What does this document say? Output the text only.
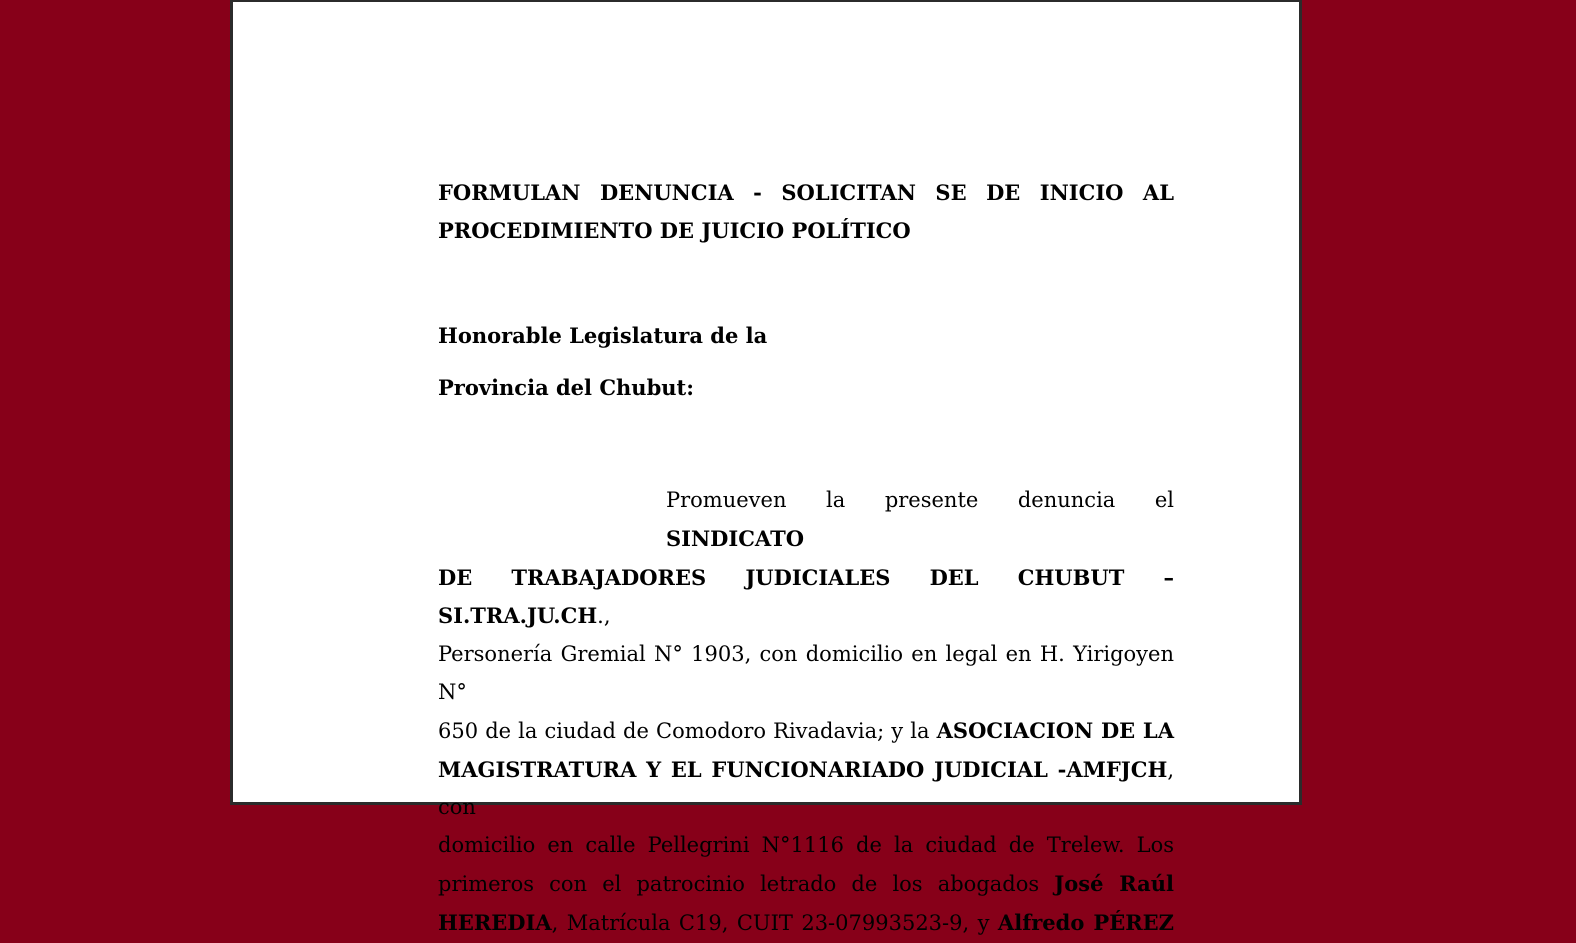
FORMULAN DENUNCIA - SOLICITAN SE DE INICIO AL
PROCEDIMIENTO DE JUICIO POLÍTICO

Honorable Legislatura de la

Provincia del Chubut:

Promueven la presente denuncia el SINDICATO
DE TRABAJADORES JUDICIALES DEL CHUBUT – SI.TRA.JU.CH.,
Personería Gremial N° 1903, con domicilio en legal en H. Yirigoyen N°
650 de la ciudad de Comodoro Rivadavia; y la ASOCIACION DE LA
MAGISTRATURA Y EL FUNCIONARIADO JUDICIAL -AMFJCH, con
domicilio en calle Pellegrini N°1116 de la ciudad de Trelew. Los
primeros con el patrocinio letrado de los abogados José Raúl
HEREDIA, Matrícula C19, CUIT 23-07993523-9, y Alfredo PÉREZ
